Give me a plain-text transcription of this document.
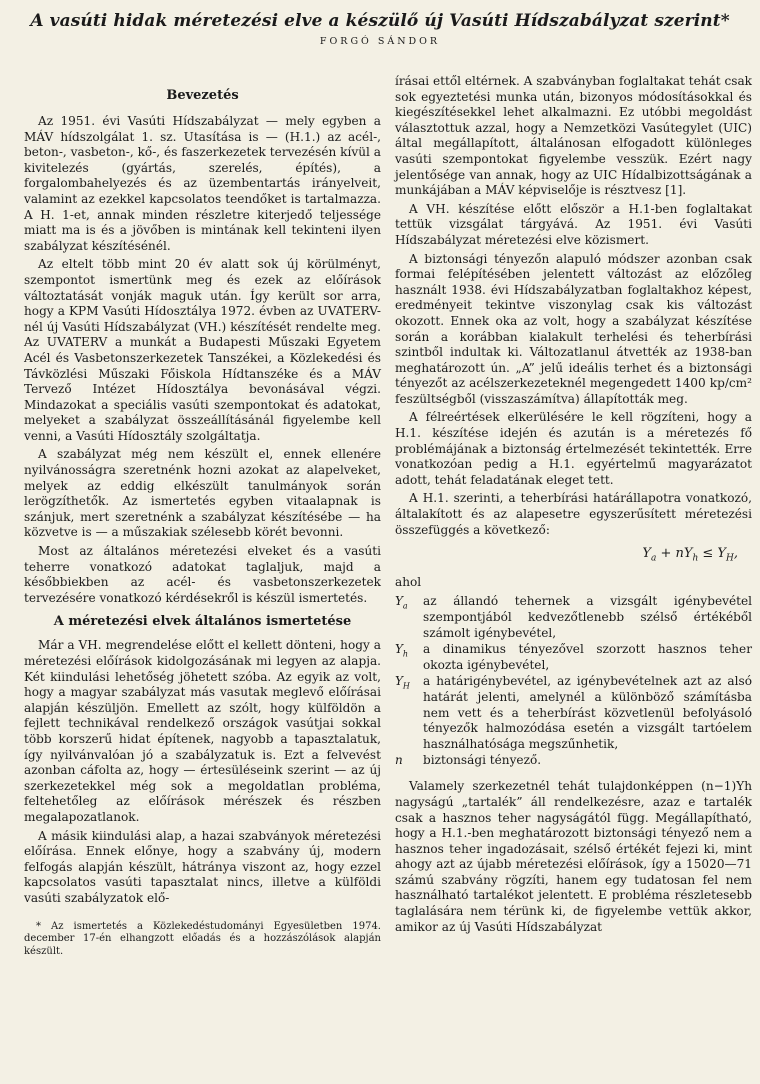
A vasúti hidak méretezési elve a készülő új Vasúti Hídszabályzat szerint*
FORGÓ SÁNDOR
Bevezetés

Az 1951. évi Vasúti Hídszabályzat — mely egyben a MÁV hídszolgálat 1. sz. Utasítása is — (H.1.) az acél-, beton-, vasbeton-, kő-, és faszerkezetek tervezésén kívül a kivitelezés (gyártás, szerelés, építés), a forgalombahelyezés és az üzembentartás irányelveit, valamint az ezekkel kapcsolatos teendőket is tartalmazza. A H. 1-et, annak minden részletre kiterjedő teljessége miatt ma is és a jövőben is mintának kell tekinteni ilyen szabályzat készítésénél.

Az eltelt több mint 20 év alatt sok új körülményt, szempontot ismertünk meg és ezek az előírások változtatását vonják maguk után. Így került sor arra, hogy a KPM Vasúti Hídosztálya 1972. évben az UVATERV-nél új Vasúti Hídszabályzat (VH.) készítését rendelte meg. Az UVATERV a munkát a Budapesti Műszaki Egyetem Acél és Vasbetonszerkezetek Tanszékei, a Közlekedési és Távközlési Műszaki Főiskola Hídtanszéke és a MÁV Tervező Intézet Hídosztálya bevonásával végzi. Mindazokat a speciális vasúti szempontokat és adatokat, melyeket a szabályzat összeállításánál figyelembe kell venni, a Vasúti Hídosztály szolgáltatja.

A szabályzat még nem készült el, ennek ellenére nyilvánosságra szeretnénk hozni azokat az alapelveket, melyek az eddig elkészült tanulmányok során lerögzíthetők. Az ismertetés egyben vitaalapnak is szánjuk, mert szeretnénk a szabályzat készítésébe — ha közvetve is — a műszakiak szélesebb körét bevonni.

Most az általános méretezési elveket és a vasúti teherre vonatkozó adatokat taglaljuk, majd a későbbiekben az acél- és vasbetonszerkezetek tervezésére vonatkozó kérdésekről is készül ismertetés.

A méretezési elvek általános ismertetése

Már a VH. megrendelése előtt el kellett dönteni, hogy a méretezési előírások kidolgozásának mi legyen az alapja. Két kiindulási lehetőség jöhetett szóba. Az egyik az volt, hogy a magyar szabályzat más vasutak meglevő előírásai alapján készüljön. Emellett az szólt, hogy külföldön a fejlett technikával rendelkező országok vasútjai sokkal több korszerű hidat építenek, nagyobb a tapasztalatuk, így nyilvánvalóan jó a szabályzatuk is. Ezt a felvevést azonban cáfolta az, hogy — értesüléseink szerint — az új szerkezetekkel még sok a megoldatlan probléma, feltehetőleg az előírások mérészek és részben megalapozatlanok.

A másik kiindulási alap, a hazai szabványok méretezési előírása. Ennek előnye, hogy a szabvány új, modern felfogás alapján készült, hátránya viszont az, hogy ezzel kapcsolatos vasúti tapasztalat nincs, illetve a külföldi vasúti szabályzatok elő-

* Az ismertetés a Közlekedéstudományi Egyesületben 1974. december 17-én elhangzott előadás és a hozzászólások alapján készült.

írásai ettől eltérnek. A szabványban foglaltakat tehát csak sok egyeztetési munka után, bizonyos módosításokkal és kiegészítésekkel lehet alkalmazni. Ez utóbbi megoldást választottuk azzal, hogy a Nemzetközi Vasútegylet (UIC) által megállapított, általánosan elfogadott különleges vasúti szempontokat figyelembe vesszük. Ezért nagy jelentősége van annak, hogy az UIC Hídalbizottságának a munkájában a MÁV képviselője is résztvesz [1].

A VH. készítése előtt először a H.1-ben foglaltakat tettük vizsgálat tárgyává. Az 1951. évi Vasúti Hídszabályzat méretezési elve közismert.

A biztonsági tényezőn alapuló módszer azonban csak formai felépítésében jelentett változást az előzőleg használt 1938. évi Hídszabályzatban foglaltakhoz képest, eredményeit tekintve viszonylag csak kis változást okozott. Ennek oka az volt, hogy a szabályzat készítése során a korábban kialakult terhelési és teherbírási szintből indultak ki. Változatlanul átvették az 1938-ban meghatározott ún. „A” jelű ideális terhet és a biztonsági tényezőt az acélszerkezeteknél megengedett 1400 kp/cm² feszültségből (visszaszámítva) állapították meg.

A félreértések elkerülésére le kell rögzíteni, hogy a H.1. készítése idején és azután is a méretezés fő problémájának a biztonság értelmezését tekintették. Erre vonatkozóan pedig a H.1. egyértelmű magyarázatot adott, tehát feladatának eleget tett.

A H.1. szerinti, a teherbírási határállapotra vonatkozó, általakított és az alapesetre egyszerűsített méretezési összefüggés a következő:

$Y_a + nY_h \le Y_H$,

ahol

$Y_a$	az állandó tehernek a vizsgált igénybevétel szempontjából kedvezőtlenebb szélső értékéből számolt igénybevétel,
$Y_h$	a dinamikus tényezővel szorzott hasznos teher okozta igénybevétel,
$Y_H$	a határigénybevétel, az igénybevételnek azt az alsó határát jelenti, amelynél a különböző számításba nem vett és a teherbírást közvetlenül befolyásoló tényezők halmozódása esetén a vizsgált tartóelem használhatósága megszűnhetik,
n	biztonsági tényező.

Valamely szerkezetnél tehát tulajdonképpen (n−1)Yh nagyságú „tartalék” áll rendelkezésre, azaz e tartalék csak a hasznos teher nagyságától függ. Megállapítható, hogy a H.1.-ben meghatározott biztonsági tényező nem a hasznos teher ingadozásait, szélső értékét fejezi ki, mint ahogy azt az újabb méretezési előírások, így a 15020—71 számú szabvány rögzíti, hanem egy tudatosan fel nem használható tartalékot jelentett. E probléma részletesebb taglalására nem térünk ki, de figyelembe vettük akkor, amikor az új Vasúti Hídszabályzat
